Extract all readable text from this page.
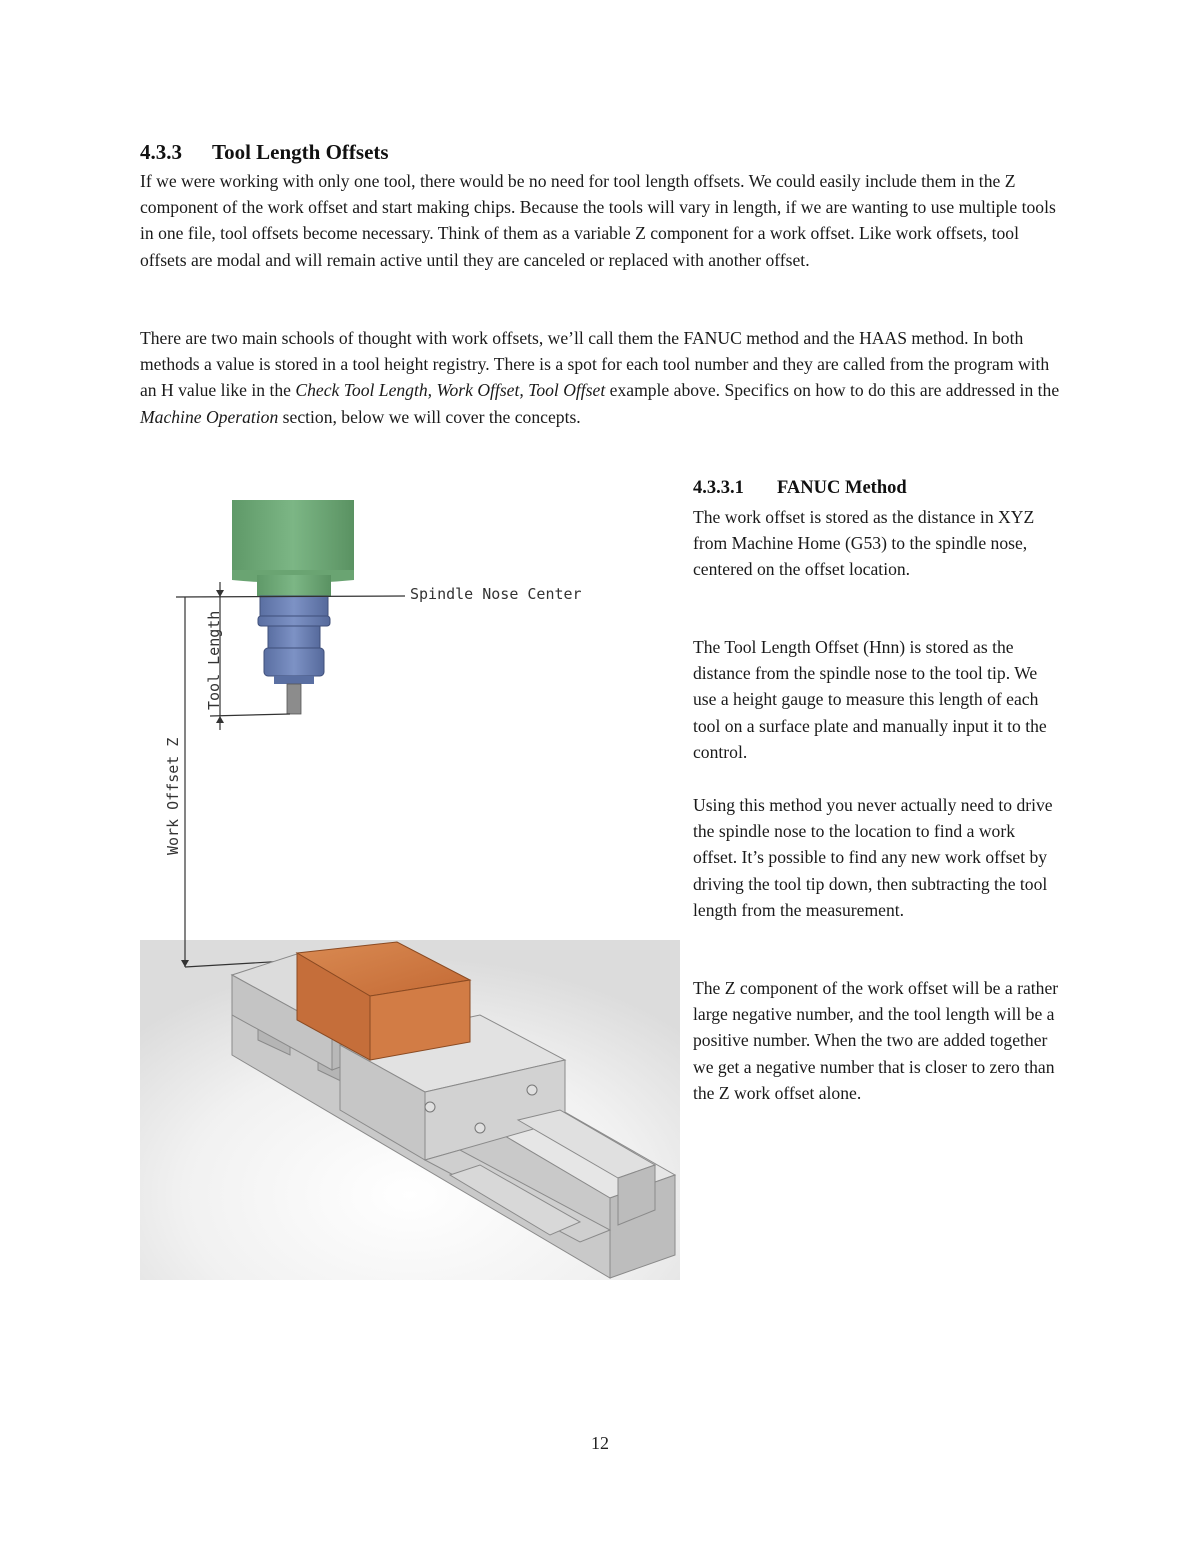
4.3.3 Tool Length Offsets

If we were working with only one tool, there would be no need for tool length offsets. We could easily include them in the Z component of the work offset and start making chips. Because the tools will vary in length, if we are wanting to use multiple tools in one file, tool offsets become necessary. Think of them as a variable Z component for a work offset. Like work offsets, tool offsets are modal and will remain active until they are canceled or replaced with another offset.

There are two main schools of thought with work offsets, we’ll call them the FANUC method and the HAAS method. In both methods a value is stored in a tool height registry. There is a spot for each tool number and they are called from the program with an H value like in the Check Tool Length, Work Offset, Tool Offset example above. Specifics on how to do this are addressed in the Machine Operation section, below we will cover the concepts.

Spindle Nose Center
Tool Length
Work Offset Z
4.3.3.1 FANUC Method

The work offset is stored as the distance in XYZ from Machine Home (G53) to the spindle nose, centered on the offset location.

The Tool Length Offset (Hnn) is stored as the distance from the spindle nose to the tool tip. We use a height gauge to measure this length of each tool on a surface plate and manually input it to the control.

Using this method you never actually need to drive the spindle nose to the location to find a work offset. It’s possible to find any new work offset by driving the tool tip down, then subtracting the tool length from the measurement.

The Z component of the work offset will be a rather large negative number, and the tool length will be a positive number. When the two are added together we get a negative number that is closer to zero than the Z work offset alone.

12
